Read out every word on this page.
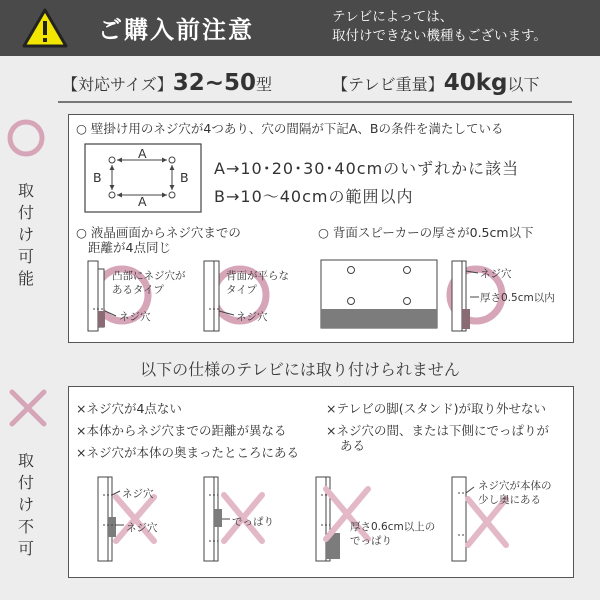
ご購入前注意	テレビによっては、
取付けできない機種もございます。
【対応サイズ】32~50型	【テレビ重量】40kg以下
取
付
け
可
能
○ 壁掛け用のネジ穴が4つあり、穴の間隔が下記A、Bの条件を満たしている
A
A
B	B A→10･20･30･40cmのいずれかに該当
B→10～40cmの範囲以内
○ 液晶画面からネジ穴までの
距離が4点同じ
○ 背面スピーカーの厚さが0.5cm以下
凸部にネジ穴が
あるタイプ
ネジ穴
背面が平らな
タイプ
ネジ穴
ネジ穴
厚さ0.5cm以内
以下の仕様のテレビには取り付けられません
取
付
け
不
可
×ネジ穴が4点ない
×本体からネジ穴までの距離が異なる
×ネジ穴が本体の奥まったところにある
×テレビの脚(スタンド)が取り外せない
×ネジ穴の間、または下側にでっぱりが
ある
ネジ穴
ネジ穴	でっぱり	厚さ0.6cm以上の
でっぱり
ネジ穴が本体の
少し奥にある
